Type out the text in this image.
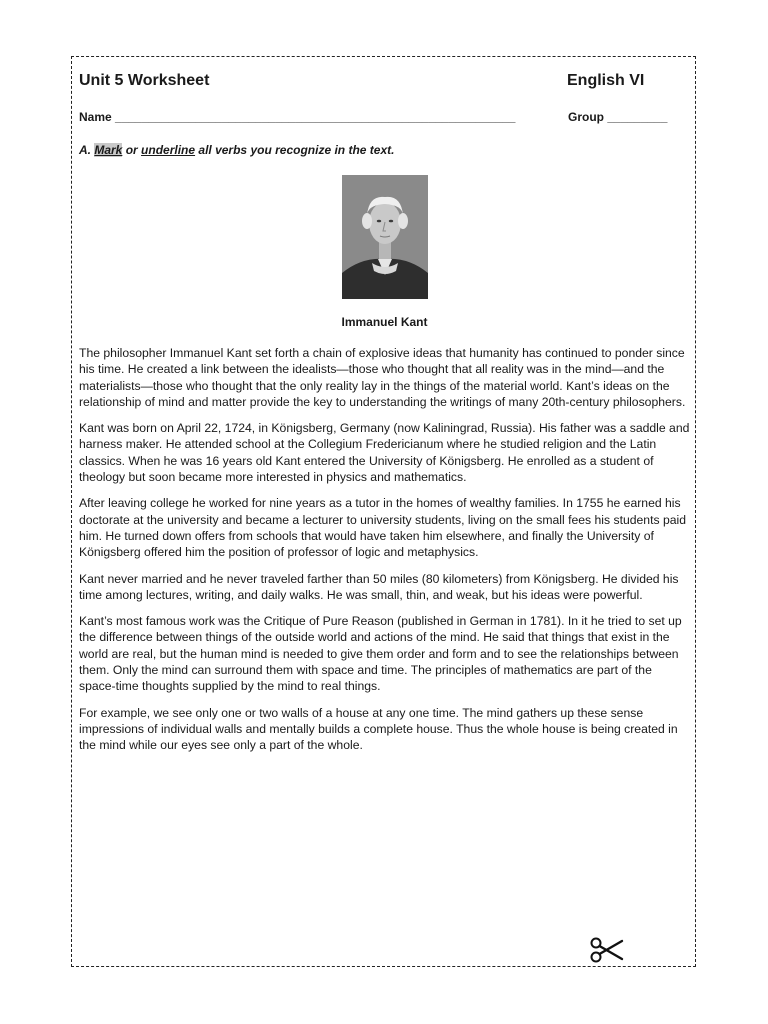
Unit 5 Worksheet	English VI
Name ____________________________________________________________	Group _________
A. Mark or underline all verbs you recognize in the text.
Immanuel Kant

The philosopher Immanuel Kant set forth a chain of explosive ideas that humanity has continued to ponder since his time. He created a link between the idealists—those who thought that all reality was in the mind—and the materialists—those who thought that the only reality lay in the things of the material world. Kant’s ideas on the relationship of mind and matter provide the key to understanding the writings of many 20th-century philosophers.

Kant was born on April 22, 1724, in Königsberg, Germany (now Kaliningrad, Russia). His father was a saddle and harness maker. He attended school at the Collegium Fredericianum where he studied religion and the Latin classics. When he was 16 years old Kant entered the University of Königsberg. He enrolled as a student of theology but soon became more interested in physics and mathematics.

After leaving college he worked for nine years as a tutor in the homes of wealthy families. In 1755 he earned his doctorate at the university and became a lecturer to university students, living on the small fees his students paid him. He turned down offers from schools that would have taken him elsewhere, and finally the University of Königsberg offered him the position of professor of logic and metaphysics.

Kant never married and he never traveled farther than 50 miles (80 kilometers) from Königsberg. He divided his time among lectures, writing, and daily walks. He was small, thin, and weak, but his ideas were powerful.

Kant’s most famous work was the Critique of Pure Reason (published in German in 1781). In it he tried to set up the difference between things of the outside world and actions of the mind. He said that things that exist in the world are real, but the human mind is needed to give them order and form and to see the relationships between them. Only the mind can surround them with space and time. The principles of mathematics are part of the space-time thoughts supplied by the mind to real things.

For example, we see only one or two walls of a house at any one time. The mind gathers up these sense impressions of individual walls and mentally builds a complete house. Thus the whole house is being created in the mind while our eyes see only a part of the whole.
